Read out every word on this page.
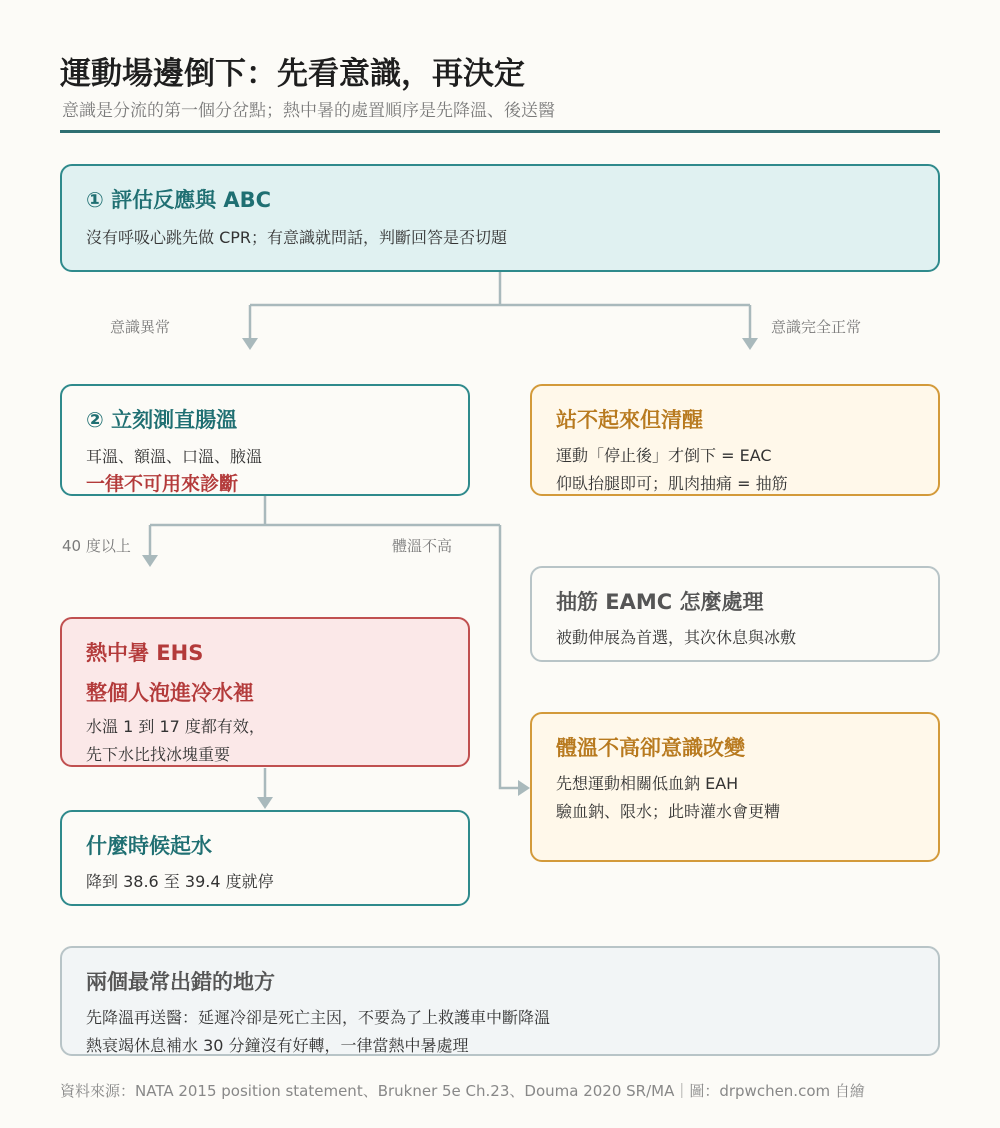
運動場邊倒下：先看意識，再決定
意識是分流的第一個分岔點；熱中暑的處置順序是先降溫、後送醫
① 評估反應與 ABC
沒有呼吸心跳先做 CPR；有意識就問話，判斷回答是否切題
意識異常	意識完全正常
② 立刻測直腸溫
耳溫、額溫、口溫、腋溫
一律不可用來診斷
站不起來但清醒
運動「停止後」才倒下 = EAC
仰臥抬腿即可；肌肉抽痛 = 抽筋
40 度以上	體溫不高
抽筋 EAMC 怎麼處理
被動伸展為首選，其次休息與冰敷
熱中暑 EHS
整個人泡進冷水裡
水溫 1 到 17 度都有效，
先下水比找冰塊重要	體溫不高卻意識改變
先想運動相關低血鈉 EAH
驗血鈉、限水；此時灌水會更糟
什麼時候起水
降到 38.6 至 39.4 度就停
兩個最常出錯的地方
先降溫再送醫：延遲冷卻是死亡主因，不要為了上救護車中斷降溫
熱衰竭休息補水 30 分鐘沒有好轉，一律當熱中暑處理
資料來源：NATA 2015 position statement、Brukner 5e Ch.23、Douma 2020 SR/MA｜圖：drpwchen.com 自繪
